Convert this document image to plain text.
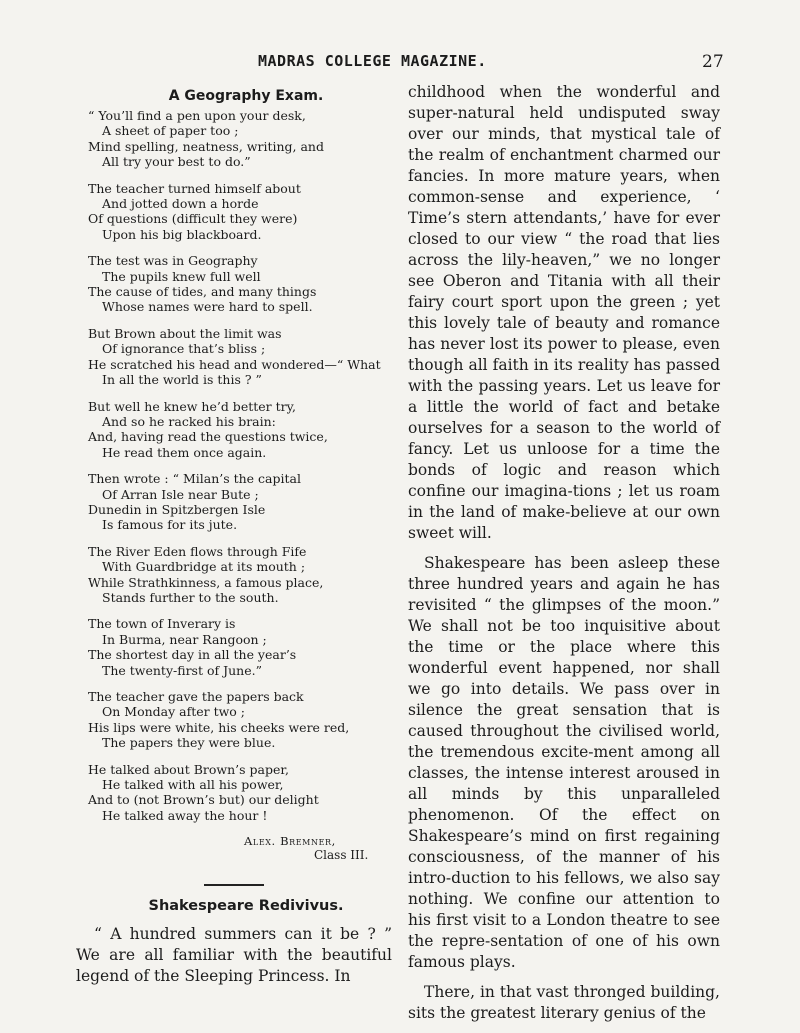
MADRAS COLLEGE MAGAZINE.	27
A Geography Exam.
“ You’ll find a pen upon your desk,
A sheet of paper too ;
Mind spelling, neatness, writing, and
All try your best to do.”
The teacher turned himself about
And jotted down a horde
Of questions (difficult they were)
Upon his big blackboard.
The test was in Geography
The pupils knew full well
The cause of tides, and many things
Whose names were hard to spell.
But Brown about the limit was
Of ignorance that’s bliss ;
He scratched his head and wondered—“ What
In all the world is this ? ”
But well he knew he’d better try,
And so he racked his brain:
And, having read the questions twice,
He read them once again.
Then wrote : “ Milan’s the capital
Of Arran Isle near Bute ;
Dunedin in Spitzbergen Isle
Is famous for its jute.
The River Eden flows through Fife
With Guardbridge at its mouth ;
While Strathkinness, a famous place,
Stands further to the south.
The town of Inverary is
In Burma, near Rangoon ;
The shortest day in all the year’s
The twenty-first of June.”
The teacher gave the papers back
On Monday after two ;
His lips were white, his cheeks were red,
The papers they were blue.
He talked about Brown’s paper,
He talked with all his power,
And to (not Brown’s but) our delight
He talked away the hour !
Alex. Bremner,
Class III.
Shakespeare Redivivus.

“ A hundred summers can it be ? ” We are all familiar with the beautiful legend of the Sleeping Princess. In

childhood when the wonderful and super-natural held undisputed sway over our minds, that mystical tale of the realm of enchantment charmed our fancies. In more mature years, when common-sense and experience, ‘ Time’s stern attendants,’ have for ever closed to our view “ the road that lies across the lily-heaven,” we no longer see Oberon and Titania with all their fairy court sport upon the green ; yet this lovely tale of beauty and romance has never lost its power to please, even though all faith in its reality has passed with the passing years. Let us leave for a little the world of fact and betake ourselves for a season to the world of fancy. Let us unloose for a time the bonds of logic and reason which confine our imagina-tions ; let us roam in the land of make-believe at our own sweet will.

Shakespeare has been asleep these three hundred years and again he has revisited “ the glimpses of the moon.” We shall not be too inquisitive about the time or the place where this wonderful event happened, nor shall we go into details. We pass over in silence the great sensation that is caused throughout the civilised world, the tremendous excite-ment among all classes, the intense interest aroused in all minds by this unparalleled phenomenon. Of the effect on Shakespeare’s mind on first regaining consciousness, of the manner of his intro-duction to his fellows, we also say nothing. We confine our attention to his first visit to a London theatre to see the repre-sentation of one of his own famous plays.

There, in that vast thronged building, sits the greatest literary genius of the
